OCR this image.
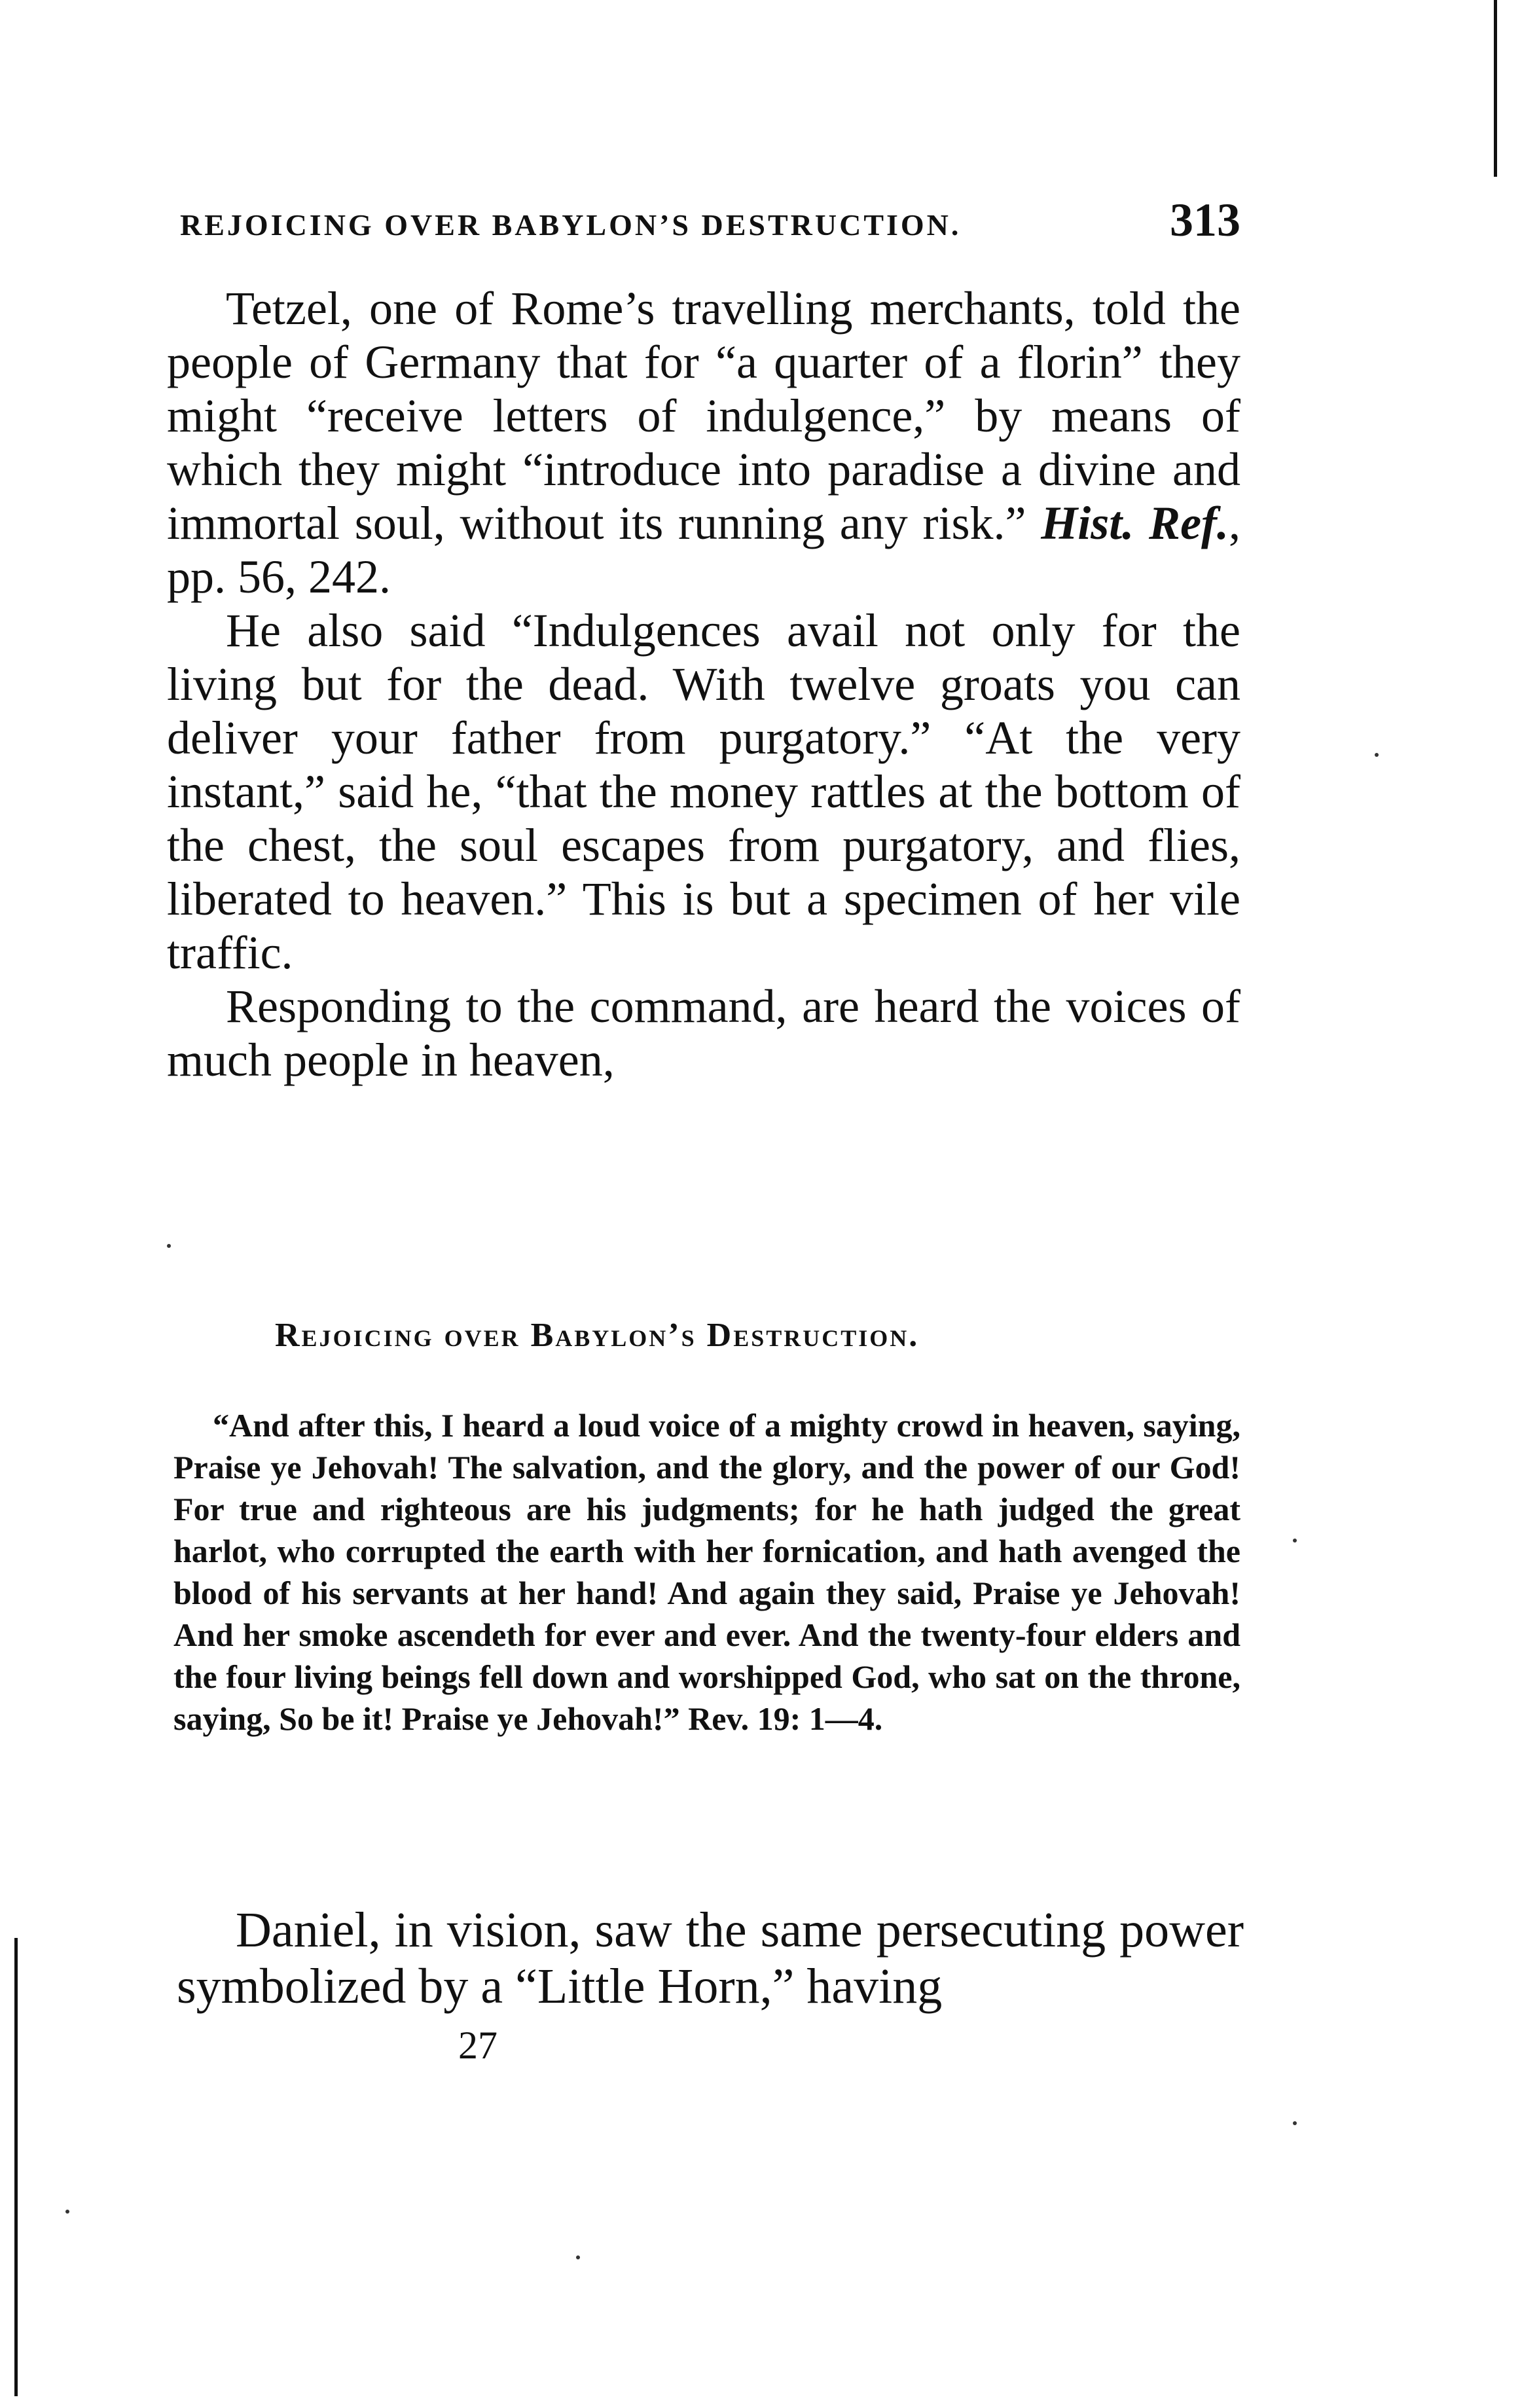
REJOICING OVER BABYLON’S DESTRUCTION.	313

Tetzel, one of Rome’s travelling merchants, told the people of Germany that for “a quarter of a florin” they might “receive letters of indulgence,” by means of which they might “introduce into paradise a divine and immortal soul, without its running any risk.” Hist. Ref., pp. 56, 242.

He also said “Indulgences avail not only for the living but for the dead. With twelve groats you can deliver your father from purgatory.” “At the very instant,” said he, “that the money rattles at the bottom of the chest, the soul escapes from purgatory, and flies, liberated to heaven.” This is but a specimen of her vile traffic.

Responding to the command, are heard the voices of much people in heaven,

Rejoicing over Babylon’s Destruction.

“And after this, I heard a loud voice of a mighty crowd in heaven, saying, Praise ye Jehovah! The salvation, and the glory, and the power of our God! For true and righteous are his judgments; for he hath judged the great harlot, who corrupted the earth with her fornication, and hath avenged the blood of his servants at her hand! And again they said, Praise ye Jehovah! And her smoke ascendeth for ever and ever. And the twenty-four elders and the four living beings fell down and worshipped God, who sat on the throne, saying, So be it! Praise ye Jehovah!” Rev. 19: 1—4.

Daniel, in vision, saw the same persecuting power symbolized by a “Little Horn,” having

27
